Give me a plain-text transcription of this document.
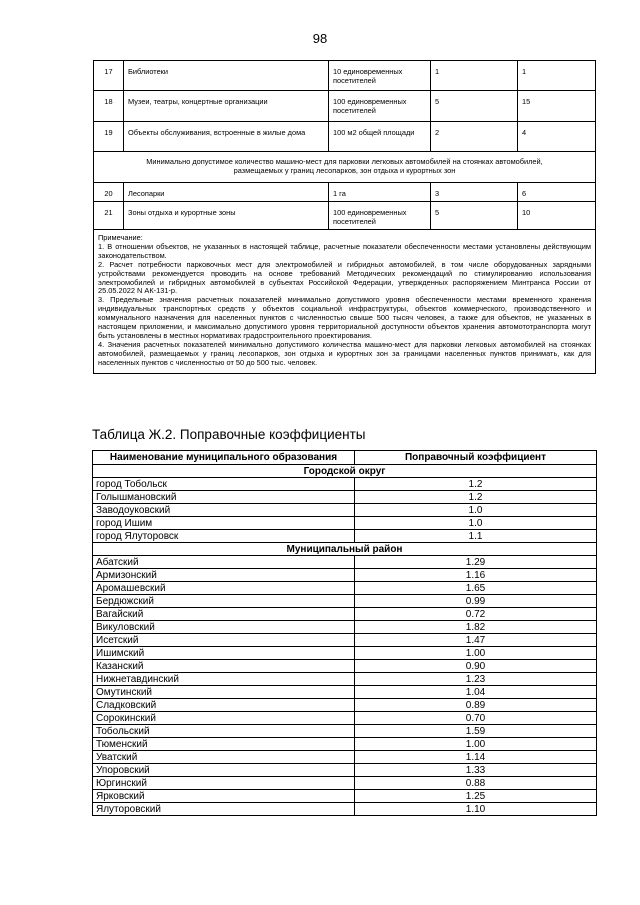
98
17	Библиотеки	10 единовременных посетителей	1	1
18	Музеи, театры, концертные организации	100 единовременных посетителей	5	15
19	Объекты обслуживания, встроенные в жилые дома	100 м2 общей площади	2	4
Минимально допустимое количество машино-мест для парковки легковых автомобилей на стоянках автомобилей, размещаемых у границ лесопарков, зон отдыха и курортных зон				
20	Лесопарки	1 га	3	6
21	Зоны отдыха и курортные зоны	100 единовременных посетителей	5	10

Примечание:

1. В отношении объектов, не указанных в настоящей таблице, расчетные показатели обеспеченности местами установлены действующим законодательством.

2. Расчет потребности парковочных мест для электромобилей и гибридных автомобилей, в том числе оборудованных зарядными устройствами рекомендуется проводить на основе требований Методических рекомендаций по стимулированию использования электромобилей и гибридных автомобилей в субъектах Российской Федерации, утвержденных распоряжением Минтранса России от 25.05.2022 N АК-131-р.

3. Предельные значения расчетных показателей минимально допустимого уровня обеспеченности местами временного хранения индивидуальных транспортных средств у объектов социальной инфраструктуры, объектов коммерческого, производственного и коммунального назначения для населенных пунктов с численностью свыше 500 тысяч человек, а также для объектов, не указанных в настоящем приложении, и максимально допустимого уровня территориальной доступности объектов хранения автомототранспорта могут быть установлены в местных нормативах градостроительного проектирования.

4. Значения расчетных показателей минимально допустимого количества машино-мест для парковки легковых автомобилей на стоянках автомобилей, размещаемых у границ лесопарков, зон отдыха и курортных зон за границами населенных пунктов принимать, как для населенных пунктов с численностью от 50 до 500 тыс. человек.				

Таблица Ж.2. Поправочные коэффициенты
Наименование муниципального образования	Поправочный коэффициент
Городской округ	
город Тобольск	1.2
Голышмановский	1.2
Заводоуковский	1.0
город Ишим	1.0
город Ялуторовск	1.1
Муниципальный район	
Абатский	1.29
Армизонский	1.16
Аромашевский	1.65
Бердюжский	0.99
Вагайский	0.72
Викуловский	1.82
Исетский	1.47
Ишимский	1.00
Казанский	0.90
Нижнетавдинский	1.23
Омутинский	1.04
Сладковский	0.89
Сорокинский	0.70
Тобольский	1.59
Тюменский	1.00
Уватский	1.14
Упоровский	1.33
Юргинский	0.88
Ярковский	1.25
Ялуторовский	1.10
